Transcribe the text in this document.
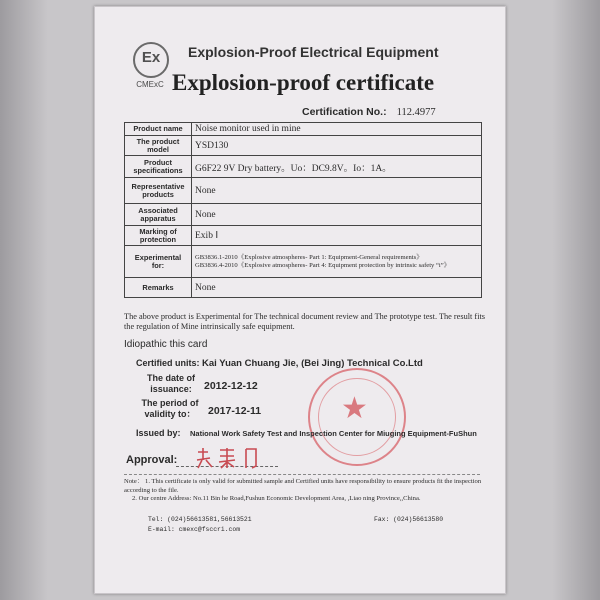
Ex
CMExC
Explosion-Proof Electrical Equipment
Explosion-proof certificate
Certification No.: 112.4977
Product name	Noise monitor used in mine
The product model	YSD130
Product specifications	G6F22 9V Dry battery。Uo：DC9.8V。Io：1A。
Representative products	None
Associated apparatus	None
Marking of protection	Exib Ⅰ
Experimental for:	GB3836.1-2010《Explosive atmospheres- Part 1: Equipment-General requirements》
GB3836.4-2010《Explosive atmospheres- Part 4: Equipment protection by intrinsic safety “i”》

Remarks	None
The above product is Experimental for The technical document review and The prototype test. The result fits the regulation of Mine intrinsically safe equipment.
Idiopathic this card
Certified units: Kai Yuan Chuang Jie, (Bei Jing) Technical Co.Ltd
The date of
issuance:	2012-12-12
The period of
validity to：	2017-12-11	★
Issued by: National Work Safety Test and Inspection Center for Miuging Equipment-FuShun
Approval:
Note： 1. This certificate is only valid for submitted sample and Certified units have responsibility to ensure products fit the inspection according to the file.
2. Our centre Address: No.11 Bin he Road,Fushun Economic Development Area, ,Liao ning Province,,China.
Tel: (024)56613581,56613521	Fax: (024)56613580
E-mail: cmexc@fsccri.com
